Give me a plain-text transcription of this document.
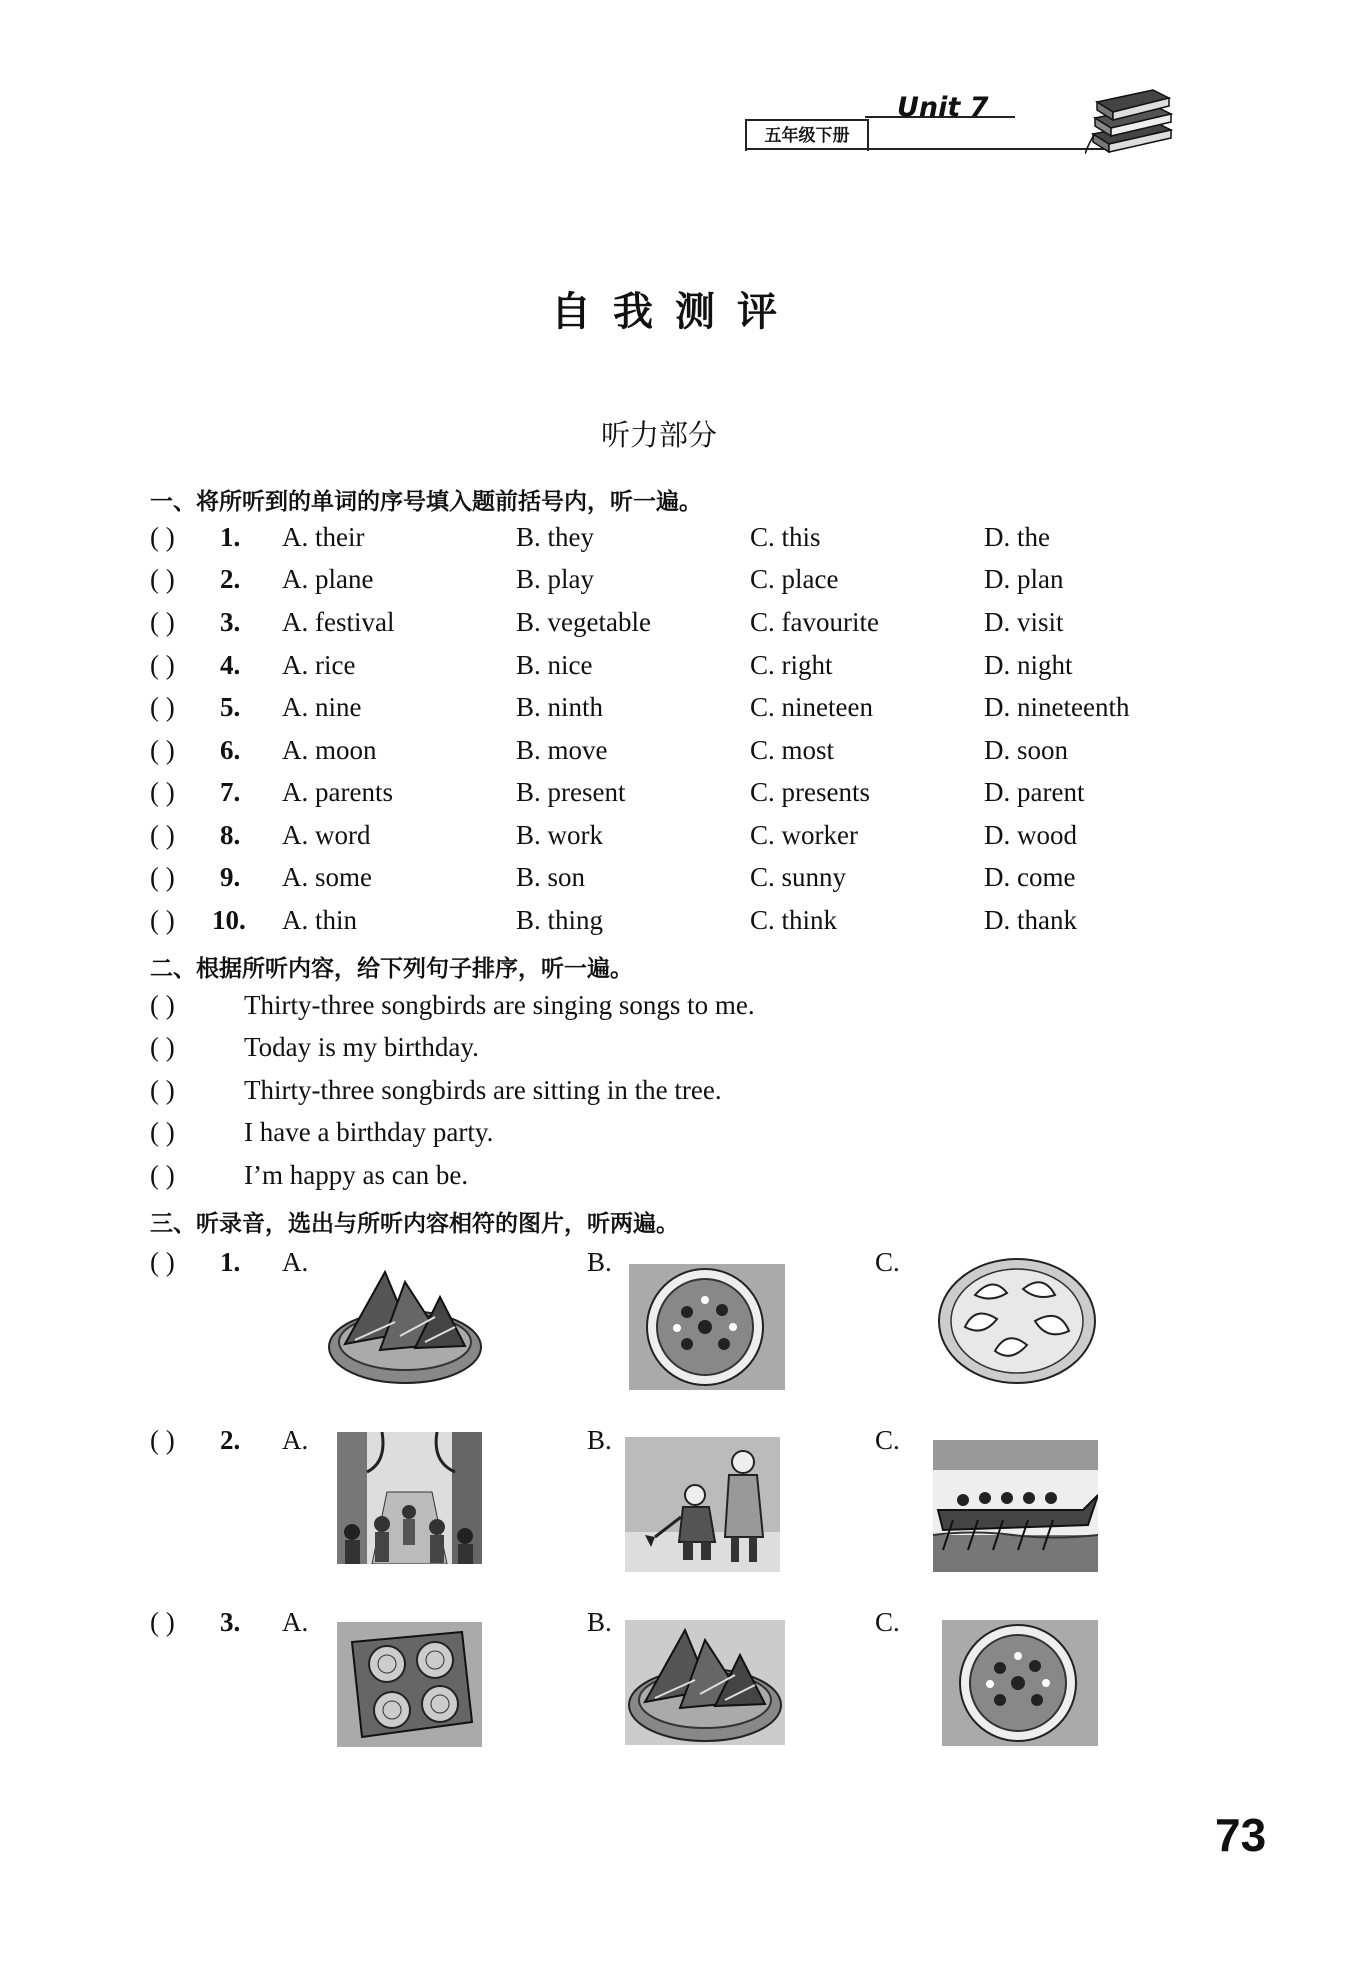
五年级下册
Unit 7
自我测评
听力部分
一、将所听到的单词的序号填入题前括号内，听一遍。
( ) 1. A. their	B. they	C. this	D. the
( ) 2. A. plane	B. play	C. place	D. plan
( ) 3. A. festival	B. vegetable	C. favourite	D. visit
( ) 4. A. rice	B. nice	C. right	D. night
( ) 5. A. nine	B. ninth	C. nineteen	D. nineteenth
( ) 6. A. moon	B. move	C. most	D. soon
( ) 7. A. parents	B. present	C. presents	D. parent
( ) 8. A. word	B. work	C. worker	D. wood
( ) 9. A. some	B. son	C. sunny	D. come
( ) 10. A. thin	B. thing	C. think	D. thank
二、根据所听内容，给下列句子排序，听一遍。
( )	Thirty-three songbirds are singing songs to me.
( )	Today is my birthday.
( )	Thirty-three songbirds are sitting in the tree.
( )	I have a birthday party.
( )	I’m happy as can be.
三、听录音，选出与所听内容相符的图片，听两遍。
( ) 1. A.	B.	C.
( ) 2. A.	B.	C.
( ) 3. A.	B.	C.
73
